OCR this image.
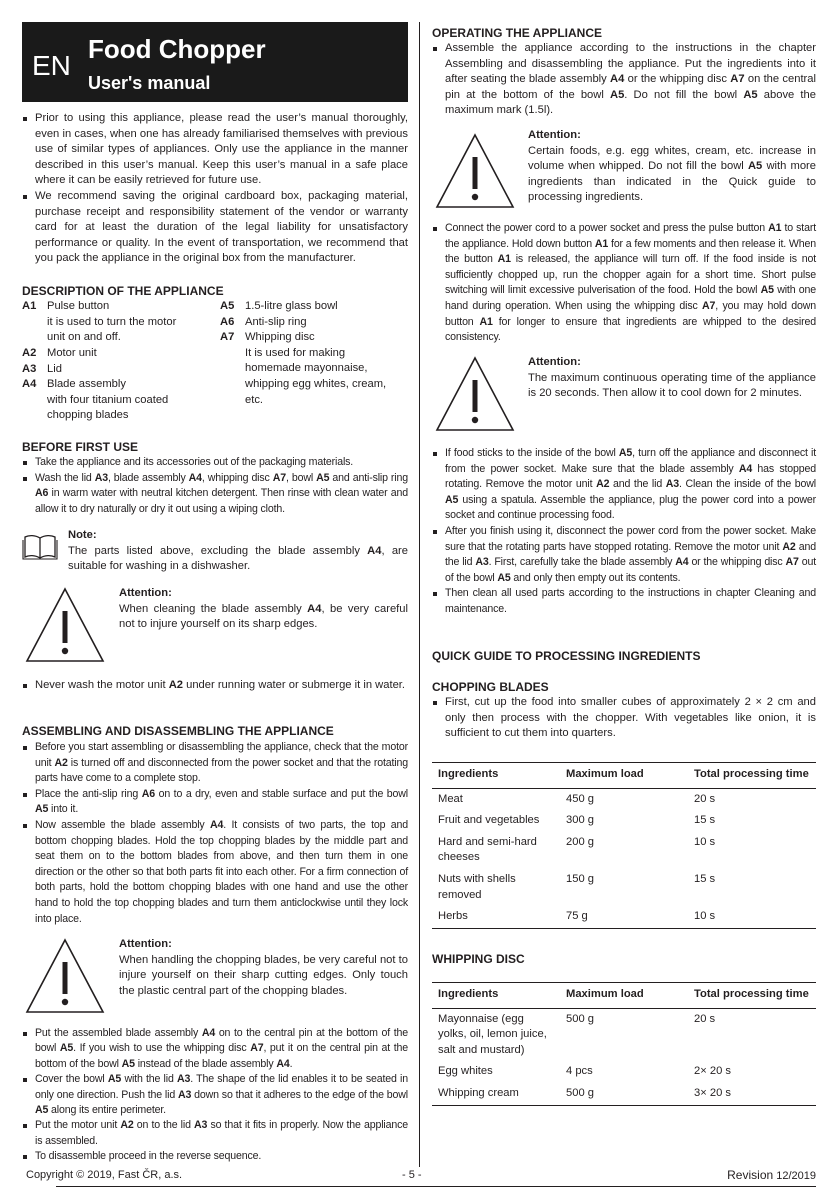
EN
Food Chopper
User's manual
Prior to using this appliance, please read the user’s manual thoroughly, even in cases, when one has already familiarised themselves with previous use of similar types of appliances. Only use the appliance in the manner described in this user’s manual. Keep this user’s manual in a safe place where it can be easily retrieved for future use.
We recommend saving the original cardboard box, packaging material, purchase receipt and responsibility statement of the vendor or warranty card for at least the duration of the legal liability for unsatisfactory performance or quality. In the event of transportation, we recommend that you pack the appliance in the original box from the manufacturer.
DESCRIPTION OF THE APPLIANCE
A1 Pulse button
it is used to turn the motor
unit on and off.
A2 Motor unit
A3 Lid
A4 Blade assembly
with four titanium coated
chopping blades
A5 1.5-litre glass bowl
A6 Anti-slip ring
A7 Whipping disc
It is used for making
homemade mayonnaise,
whipping egg whites, cream,
etc.
BEFORE FIRST USE
Take the appliance and its accessories out of the packaging materials.
Wash the lid A3, blade assembly A4, whipping disc A7, bowl A5 and anti-slip ring A6 in warm water with neutral kitchen detergent. Then rinse with clean water and allow it to dry naturally or dry it out using a wiping cloth.
Note:
The parts listed above, excluding the blade assembly A4, are suitable for washing in a dishwasher.
Attention:
When cleaning the blade assembly A4, be very careful not to injure yourself on its sharp edges.
Never wash the motor unit A2 under running water or submerge it in water.
ASSEMBLING AND DISASSEMBLING THE APPLIANCE
Before you start assembling or disassembling the appliance, check that the motor unit A2 is turned off and disconnected from the power socket and that the rotating parts have come to a complete stop.
Place the anti-slip ring A6 on to a dry, even and stable surface and put the bowl A5 into it.
Now assemble the blade assembly A4. It consists of two parts, the top and bottom chopping blades. Hold the top chopping blades by the middle part and seat them on to the bottom blades from above, and then turn them in one direction or the other so that both parts fit into each other. For a firm connection of both parts, hold the bottom chopping blades with one hand and use the other hand to hold the top chopping blades and turn them anticlockwise until they lock into place.
Attention:
When handling the chopping blades, be very careful not to injure yourself on their sharp cutting edges. Only touch the plastic central part of the chopping blades.
Put the assembled blade assembly A4 on to the central pin at the bottom of the bowl A5. If you wish to use the whipping disc A7, put it on the central pin at the bottom of the bowl A5 instead of the blade assembly A4.
Cover the bowl A5 with the lid A3. The shape of the lid enables it to be seated in only one direction. Push the lid A3 down so that it adheres to the edge of the bowl A5 along its entire perimeter.
Put the motor unit A2 on to the lid A3 so that it fits in properly. Now the appliance is assembled.
To disassemble proceed in the reverse sequence.
OPERATING THE APPLIANCE
Assemble the appliance according to the instructions in the chapter Assembling and disassembling the appliance. Put the ingredients into it after seating the blade assembly A4 or the whipping disc A7 on the central pin at the bottom of the bowl A5. Do not fill the bowl A5 above the maximum mark (1.5l).
Attention:
Certain foods, e.g. egg whites, cream, etc. increase in volume when whipped. Do not fill the bowl A5 with more ingredients than indicated in the Quick guide to processing ingredients.
Connect the power cord to a power socket and press the pulse button A1 to start the appliance. Hold down button A1 for a few moments and then release it. When the button A1 is released, the appliance will turn off. If the food inside is not sufficiently chopped up, run the chopper again for a short time. Short pulse switching will limit excessive pulverisation of the food. Hold the bowl A5 with one hand during operation. When using the whipping disc A7, you may hold down button A1 for longer to ensure that ingredients are whipped to the desired consistency.
Attention:
The maximum continuous operating time of the appliance is 20 seconds. Then allow it to cool down for 2 minutes.
If food sticks to the inside of the bowl A5, turn off the appliance and disconnect it from the power socket. Make sure that the blade assembly A4 has stopped rotating. Remove the motor unit A2 and the lid A3. Clean the inside of the bowl A5 using a spatula. Assemble the appliance, plug the power cord into a power socket and continue processing food.
After you finish using it, disconnect the power cord from the power socket. Make sure that the rotating parts have stopped rotating. Remove the motor unit A2 and the lid A3. First, carefully take the blade assembly A4 or the whipping disc A7 out of the bowl A5 and only then empty out its contents.
Then clean all used parts according to the instructions in chapter Cleaning and maintenance.
QUICK GUIDE TO PROCESSING INGREDIENTS
CHOPPING BLADES
First, cut up the food into smaller cubes of approximately 2 × 2 cm and only then process with the chopper. With vegetables like onion, it is sufficient to cut them into quarters.
Ingredients	Maximum load	Total processing time
Meat	450 g	20 s
Fruit and vegetables	300 g	15 s
Hard and semi-hard cheeses	200 g	10 s
Nuts with shells removed	150 g	15 s
Herbs	75 g	10 s
WHIPPING DISC
Ingredients	Maximum load	Total processing time
Mayonnaise (egg yolks, oil, lemon juice, salt and mustard)	500 g	20 s
Egg whites	4 pcs	2× 20 s
Whipping cream	500 g	3× 20 s
Copyright © 2019, Fast ČR, a.s.	- 5 -	Revision 12/2019
